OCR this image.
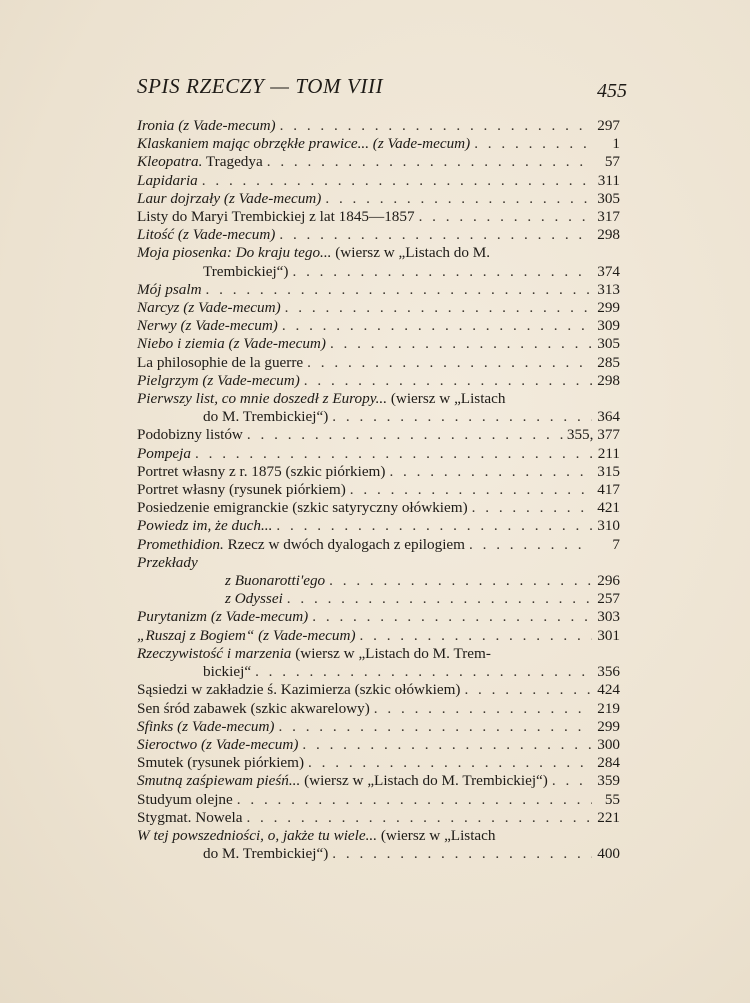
SPIS RZECZY — TOM VIII	455
Ironia (z Vade-mecum) . . .	297
Klaskaniem mając obrzękłe prawice... (z Vade-mecum) . . .	1
Kleopatra. Tragedya . . .	57
Lapidaria . . .	311
Laur dojrzały (z Vade-mecum) . . .	305
Listy do Maryi Trembickiej z lat 1845—1857 . . .	317
Litość (z Vade-mecum) . . .	298
Moja piosenka: Do kraju tego... (wiersz w „Listach do M.
Trembickiej“) . . .	374
Mój psalm . . .	313
Narcyz (z Vade-mecum) . . .	299
Nerwy (z Vade-mecum) . . .	309
Niebo i ziemia (z Vade-mecum) . . .	305
La philosophie de la guerre . . .	285
Pielgrzym (z Vade-mecum) . . .	298
Pierwszy list, co mnie doszedł z Europy... (wiersz w „Listach
do M. Trembickiej“) . . .	364
Podobizny listów . . .	355, 377
Pompeja . . .	211
Portret własny z r. 1875 (szkic piórkiem) . . .	315
Portret własny (rysunek piórkiem) . . .	417
Posiedzenie emigranckie (szkic satyryczny ołówkiem) . . .	421
Powiedz im, że duch... . . .	310
Promethidion. Rzecz w dwóch dyalogach z epilogiem . . .	7
Przekłady
z Buonarotti'ego . . .	296
z Odyssei . . .	257
Purytanizm (z Vade-mecum) . . .	303
„Ruszaj z Bogiem“ (z Vade-mecum) . . .	301
Rzeczywistość i marzenia (wiersz w „Listach do M. Trem-
bickiej“ . . .	356
Sąsiedzi w zakładzie ś. Kazimierza (szkic ołówkiem) . . .	424
Sen śród zabawek (szkic akwarelowy) . . .	219
Sfinks (z Vade-mecum) . . .	299
Sieroctwo (z Vade-mecum) . . .	300
Smutek (rysunek piórkiem) . . .	284
Smutną zaśpiewam pieśń... (wiersz w „Listach do M. Trembickiej“) . . .	359
Studyum olejne . . .	55
Stygmat. Nowela . . .	221
W tej powszedniości, o, jakże tu wiele... (wiersz w „Listach
do M. Trembickiej“) . . .	400
